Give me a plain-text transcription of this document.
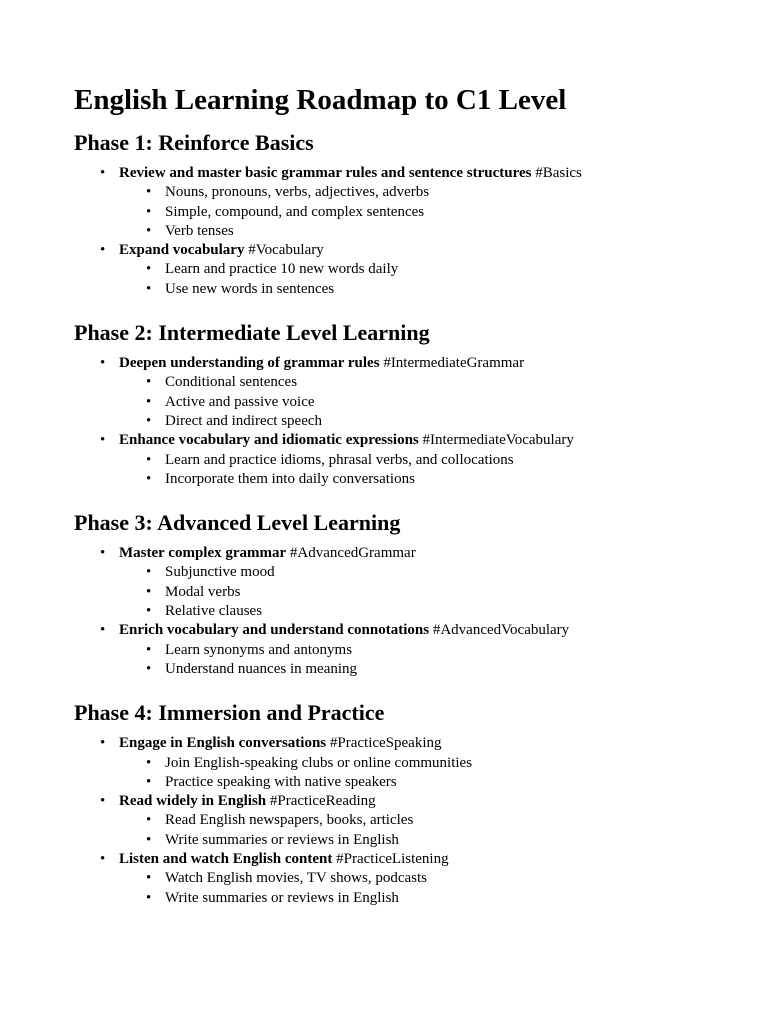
English Learning Roadmap to C1 Level
Phase 1: Reinforce Basics
• Review and master basic grammar rules and sentence structures #Basics
• Nouns, pronouns, verbs, adjectives, adverbs
• Simple, compound, and complex sentences
• Verb tenses
• Expand vocabulary #Vocabulary
• Learn and practice 10 new words daily
• Use new words in sentences
Phase 2: Intermediate Level Learning
• Deepen understanding of grammar rules #IntermediateGrammar
• Conditional sentences
• Active and passive voice
• Direct and indirect speech
• Enhance vocabulary and idiomatic expressions #IntermediateVocabulary
• Learn and practice idioms, phrasal verbs, and collocations
• Incorporate them into daily conversations
Phase 3: Advanced Level Learning
• Master complex grammar #AdvancedGrammar
• Subjunctive mood
• Modal verbs
• Relative clauses
• Enrich vocabulary and understand connotations #AdvancedVocabulary
• Learn synonyms and antonyms
• Understand nuances in meaning
Phase 4: Immersion and Practice
• Engage in English conversations #PracticeSpeaking
• Join English-speaking clubs or online communities
• Practice speaking with native speakers
• Read widely in English #PracticeReading
• Read English newspapers, books, articles
• Write summaries or reviews in English
• Listen and watch English content #PracticeListening
• Watch English movies, TV shows, podcasts
• Write summaries or reviews in English
